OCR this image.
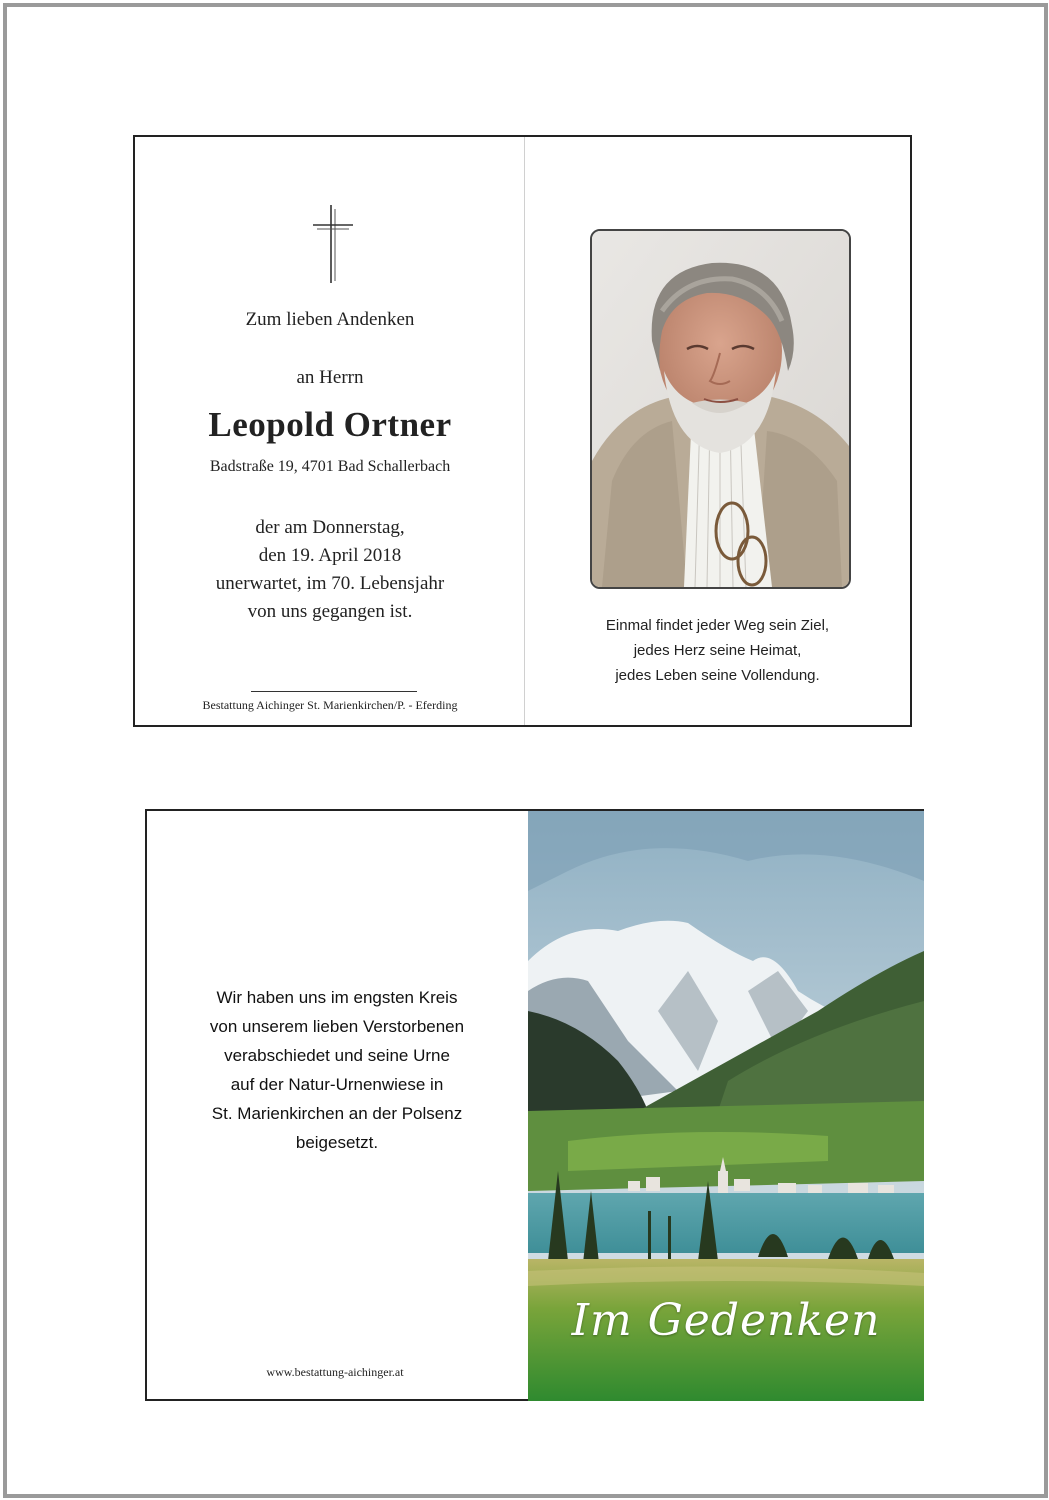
Zum lieben Andenken
an Herrn
Leopold Ortner
Badstraße 19, 4701 Bad Schallerbach
der am Donnerstag,
den 19. April 2018
unerwartet, im 70. Lebensjahr
von uns gegangen ist.
Bestattung Aichinger St. Marienkirchen/P. - Eferding
Einmal findet jeder Weg sein Ziel,
jedes Herz seine Heimat,
jedes Leben seine Vollendung.
Wir haben uns im engsten Kreis
von unserem lieben Verstorbenen
verabschiedet und seine Urne
auf der Natur-Urnenwiese in
St. Marienkirchen an der Polsenz
beigesetzt.
www.bestattung-aichinger.at
Im Gedenken
